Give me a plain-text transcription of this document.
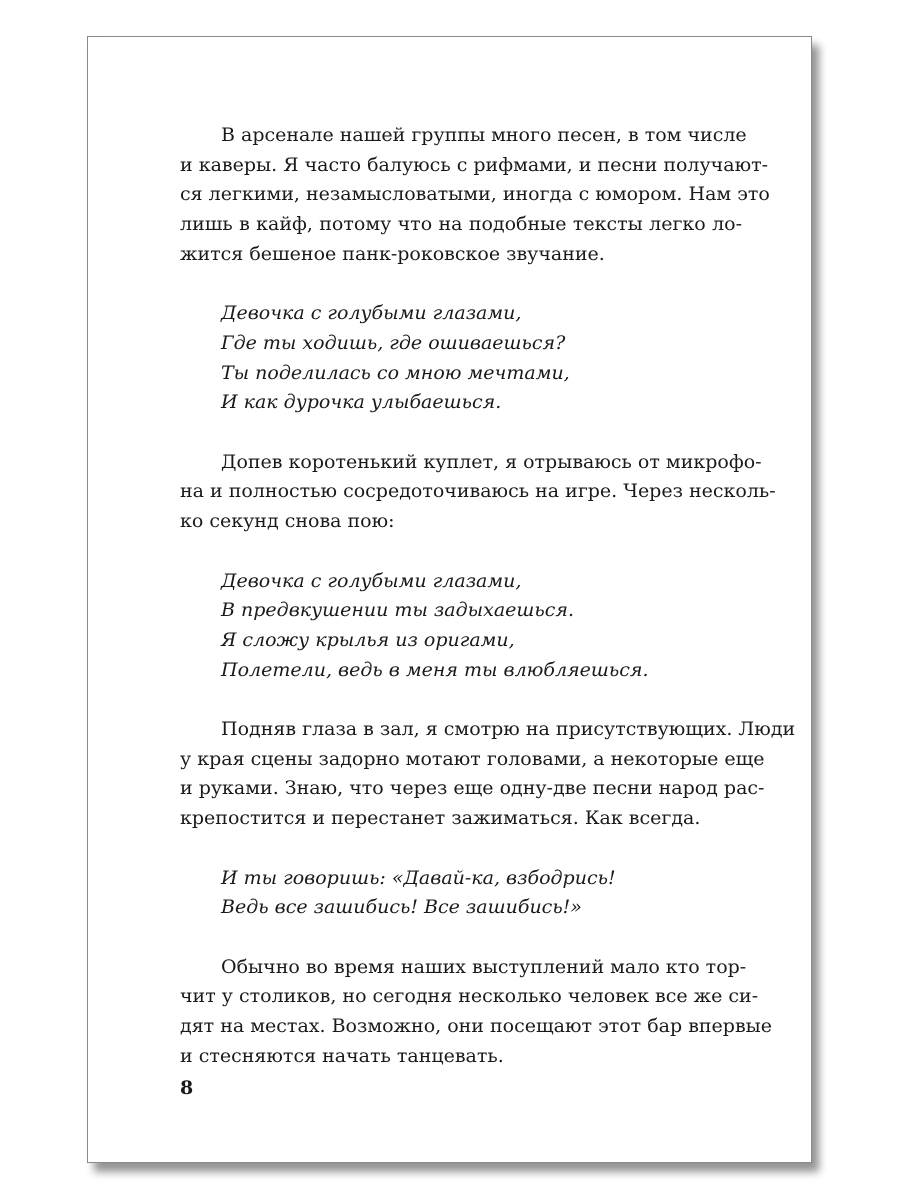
В арсенале нашей группы много песен, в том числе
и каверы. Я часто балуюсь с рифмами, и песни получают-
ся легкими, незамысловатыми, иногда с юмором. Нам это
лишь в кайф, потому что на подобные тексты легко ло-
жится бешеное панк-роковское звучание.

Девочка с голубыми глазами,
Где ты ходишь, где ошиваешься?
Ты поделилась со мною мечтами,
И как дурочка улыбаешься.

Допев коротенький куплет, я отрываюсь от микрофо-
на и полностью сосредоточиваюсь на игре. Через несколь-
ко секунд снова пою:

Девочка с голубыми глазами,
В предвкушении ты задыхаешься.
Я сложу крылья из оригами,
Полетели, ведь в меня ты влюбляешься.

Подняв глаза в зал, я смотрю на присутствующих. Люди
у края сцены задорно мотают головами, а некоторые еще
и руками. Знаю, что через еще одну-две песни народ рас-
крепостится и перестанет зажиматься. Как всегда.

И ты говоришь: «Давай-ка, взбодрись!
Ведь все зашибись! Все зашибись!»

Обычно во время наших выступлений мало кто тор-
чит у столиков, но сегодня несколько человек все же си-
дят на местах. Возможно, они посещают этот бар впервые
и стесняются начать танцевать.

8
